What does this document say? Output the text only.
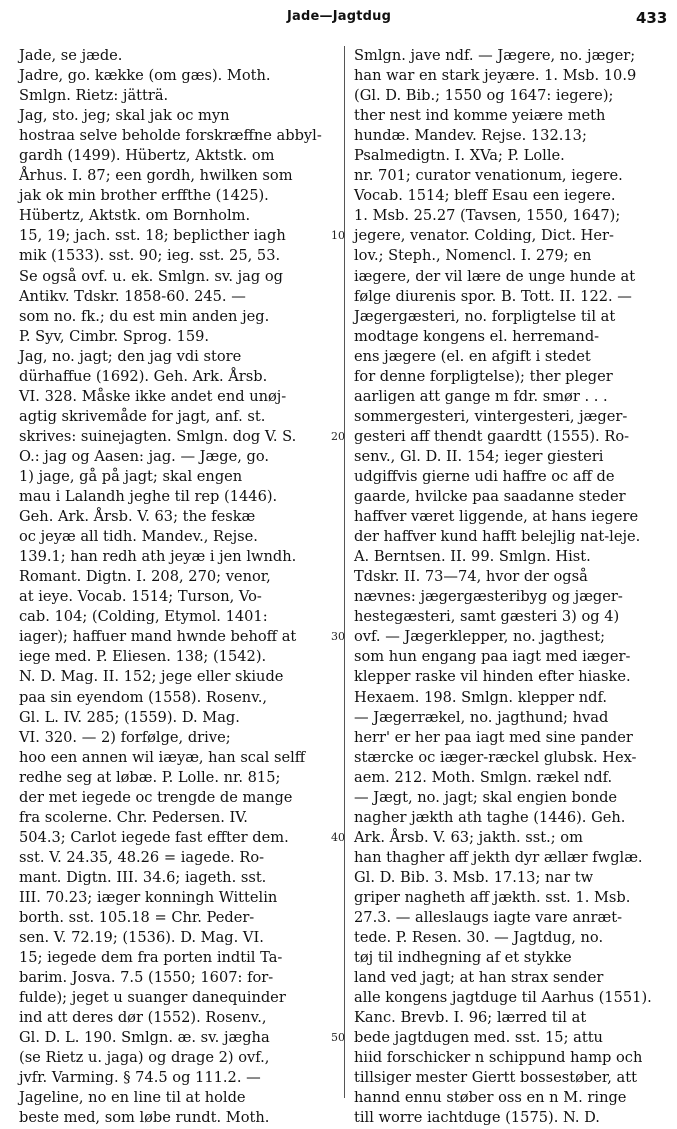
Jade—Jagtdug	433
Jade, se jæde.
Jadre, go. kække (om gæs). Moth.
Smlgn. Rietz: jätträ.
Jag, sto. jeg; skal jak oc myn
hostraa selve beholde forskræffne abbyl-
gardh (1499). Hübertz, Aktstk. om
Århus. I. 87; een gordh, hwilken som
jak ok min brother erffthe (1425).
Hübertz, Aktstk. om Bornholm.
15, 19; jach. sst. 18; beplicther iagh
mik (1533). sst. 90; ieg. sst. 25, 53.
Se også ovf. u. ek. Smlgn. sv. jag og
Antikv. Tdskr. 1858-60. 245. —
som no. fk.; du est min anden jeg.
P. Syv, Cimbr. Sprog. 159.
Jag, no. jagt; den jag vdi store
dürhaffue (1692). Geh. Ark. Årsb.
VI. 328. Måske ikke andet end unøj-
agtig skrivemåde for jagt, anf. st.
skrives: suinejagten. Smlgn. dog V. S.
O.: jag og Aasen: jag. — Jæge, go.
1) jage, gå på jagt; skal engen
mau i Lalandh jeghe til rep (1446).
Geh. Ark. Årsb. V. 63; the feskæ
oc jeyæ all tidh. Mandev., Rejse.
139.1; han redh ath jeyæ i jen lwndh.
Romant. Digtn. I. 208, 270; venor,
at ieye. Vocab. 1514; Turson, Vo-
cab. 104; (Colding, Etymol. 1401:
iager); haffuer mand hwnde behoff at
iege med. P. Eliesen. 138; (1542).
N. D. Mag. II. 152; jege eller skiude
paa sin eyendom (1558). Rosenv.,
Gl. L. IV. 285; (1559). D. Mag.
VI. 320. — 2) forfølge, drive;
hoo een annen wil iæyæ, han scal selff
redhe seg at løbæ. P. Lolle. nr. 815;
der met iegede oc trengde de mange
fra scolerne. Chr. Pedersen. IV.
504.3; Carlot iegede fast effter dem.
sst. V. 24.35, 48.26 = iagede. Ro-
mant. Digtn. III. 34.6; iageth. sst.
III. 70.23; iæger konningh Wittelin
borth. sst. 105.18 = Chr. Peder-
sen. V. 72.19; (1536). D. Mag. VI.
15; iegede dem fra porten indtil Ta-
barim. Josva. 7.5 (1550; 1607: for-
fulde); jeget u suanger danequinder
ind att deres dør (1552). Rosenv.,
Gl. D. L. 190. Smlgn. æ. sv. jægha
(se Rietz u. jaga) og drage 2) ovf.,
jvfr. Varming. § 74.5 og 111.2. —
Jageline, no en line til at holde
beste med, som løbe rundt. Moth.
10
20
30
40
50
Smlgn. jave ndf. — Jægere, no. jæger;
han war en stark jeyære. 1. Msb. 10.9
(Gl. D. Bib.; 1550 og 1647: iegere);
ther nest ind komme yeiære meth
hundæ. Mandev. Rejse. 132.13;
Psalmedigtn. I. XVa; P. Lolle.
nr. 701; curator venationum, iegere.
Vocab. 1514; bleff Esau een iegere.
1. Msb. 25.27 (Tavsen, 1550, 1647);
jegere, venator. Colding, Dict. Her-
lov.; Steph., Nomencl. I. 279; en
iægere, der vil lære de unge hunde at
følge diurenis spor. B. Tott. II. 122. —
Jægergæsteri, no. forpligtelse til at
modtage kongens el. herremand-
ens jægere (el. en afgift i stedet
for denne forpligtelse); ther pleger
aarligen att gange m fdr. smør . . .
sommergesteri, vintergesteri, jæger-
gesteri aff thendt gaardtt (1555). Ro-
senv., Gl. D. II. 154; ieger giesteri
udgiffvis gierne udi haffre oc aff de
gaarde, hvilcke paa saadanne steder
haffver været liggende, at hans iegere
der haffver kund hafft belejlig nat-leje.
A. Berntsen. II. 99. Smlgn. Hist.
Tdskr. II. 73—74, hvor der også
nævnes: jægergæsteribyg og jæger-
hestegæsteri, samt gæsteri 3) og 4)
ovf. — Jægerklepper, no. jagthest;
som hun engang paa iagt med iæger-
klepper raske vil hinden efter hiaske.
Hexaem. 198. Smlgn. klepper ndf.
— Jægerrækel, no. jagthund; hvad
herr' er her paa iagt med sine pander
stærcke oc iæger-ræckel glubsk. Hex-
aem. 212. Moth. Smlgn. rækel ndf.
— Jægt, no. jagt; skal engien bonde
nagher jækth ath taghe (1446). Geh.
Ark. Årsb. V. 63; jakth. sst.; om
han thagher aff jekth dyr ællær fwglæ.
Gl. D. Bib. 3. Msb. 17.13; nar tw
griper nagheth aff jækth. sst. 1. Msb.
27.3. — alleslaugs iagte vare anræt-
tede. P. Resen. 30. — Jagtdug, no.
tøj til indhegning af et stykke
land ved jagt; at han strax sender
alle kongens jagtduge til Aarhus (1551).
Kanc. Brevb. I. 96; lærred til at
bede jagtdugen med. sst. 15; attu
hiid forschicker n schippund hamp och
tillsiger mester Giertt bossestøber, att
hannd ennu støber oss en n M. ringe
till worre iachtduge (1575). N. D.
